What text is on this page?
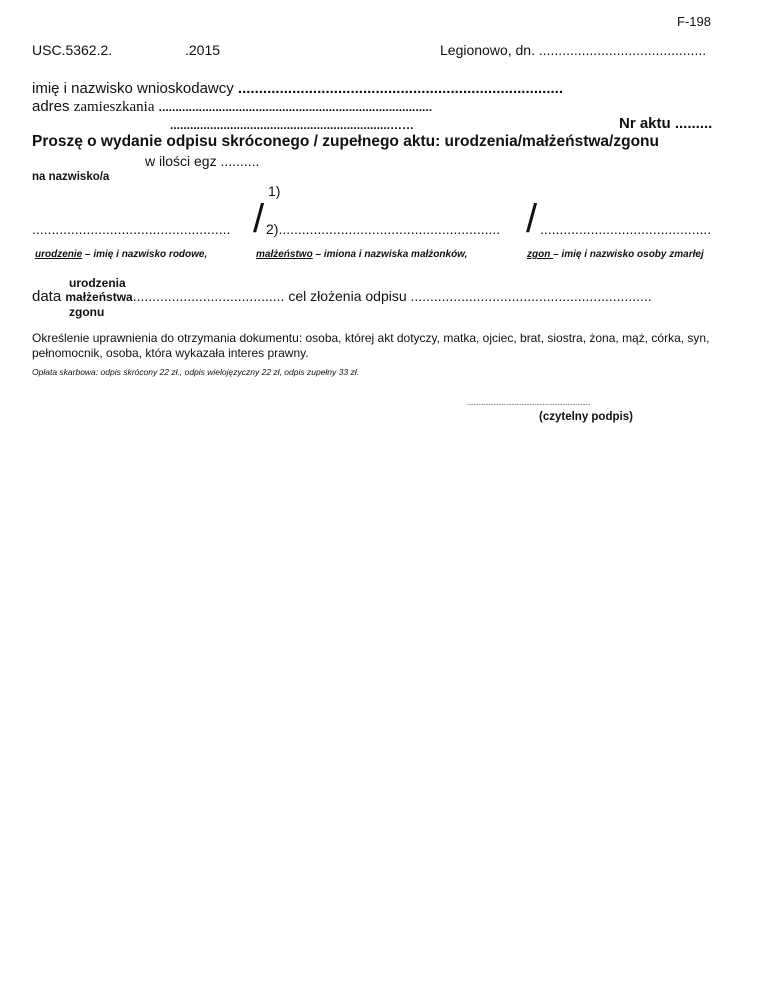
F-198
USC.5362.2.	.2015	Legionowo, dn. ...........................................
imię i nazwisko wnioskodawcy ..............................................................................
adres zamieszkania ..................................................................................
..................................................................……	Nr aktu .........
Proszę o wydanie odpisu skróconego / zupełnego aktu: urodzenia/małżeństwa/zgonu
w ilości egz ..........
na nazwisko/a
1)
................................................... / 2)......................................................... / ............................................
urodzenie – imię i nazwisko rodowe,	małżeństwo – imiona i nazwiska małżonków,	zgon – imię i nazwisko osoby zmarłej
urodzenia
data małżeństwa....................................... cel złożenia odpisu ..............................................................
zgonu
Określenie uprawnienia do otrzymania dokumentu: osoba, której akt dotyczy, matka, ojciec, brat, siostra, żona, mąż, córka, syn, pełnomocnik, osoba, która wykazała interes prawny.
Opłata skarbowa: odpis skrócony 22 zł., odpis wielojęzyczny 22 zł, odpis zupełny 33 zł.
...........................................................................
(czytelny podpis)
